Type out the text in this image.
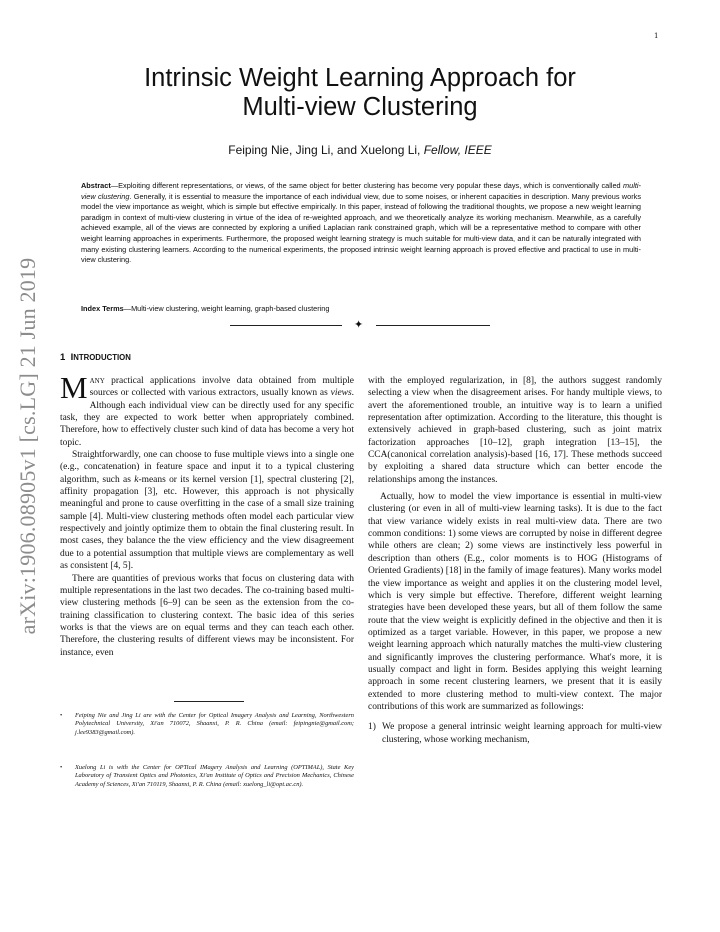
1
arXiv:1906.08905v1 [cs.LG] 21 Jun 2019
Intrinsic Weight Learning Approach for
Multi-view Clustering
Feiping Nie, Jing Li, and Xuelong Li, Fellow, IEEE
Abstract—Exploiting different representations, or views, of the same object for better clustering has become very popular these days, which is conventionally called multi-view clustering. Generally, it is essential to measure the importance of each individual view, due to some noises, or inherent capacities in description. Many previous works model the view importance as weight, which is simple but effective empirically. In this paper, instead of following the traditional thoughts, we propose a new weight learning paradigm in context of multi-view clustering in virtue of the idea of re-weighted approach, and we theoretically analyze its working mechanism. Meanwhile, as a carefully achieved example, all of the views are connected by exploring a unified Laplacian rank constrained graph, which will be a representative method to compare with other weight learning approaches in experiments. Furthermore, the proposed weight learning strategy is much suitable for multi-view data, and it can be naturally integrated with many existing clustering learners. According to the numerical experiments, the proposed intrinsic weight learning approach is proved effective and practical to use in multi-view clustering.
Index Terms—Multi-view clustering, weight learning, graph-based clustering
✦
1 INTRODUCTION

Many practical applications involve data obtained from multiple sources or collected with various extractors, usually known as views. Although each individual view can be directly used for any specific task, they are expected to work better when appropriately combined. Therefore, how to effectively cluster such kind of data has become a very hot topic.

Straightforwardly, one can choose to fuse multiple views into a single one (e.g., concatenation) in feature space and input it to a typical clustering algorithm, such as k-means or its kernel version [1], spectral clustering [2], affinity propagation [3], etc. However, this approach is not physically meaningful and prone to cause overfitting in the case of a small size training sample [4]. Multi-view clustering methods often model each particular view respectively and jointly optimize them to obtain the final clustering result. In most cases, they balance the the view efficiency and the view disagreement due to a potential assumption that multiple views are complementary as well as consistent [4, 5].

There are quantities of previous works that focus on clustering data with multiple representations in the last two decades. The co-training based multi-view clustering methods [6–9] can be seen as the extension from the co-training classification to clustering context. The basic idea of this series works is that the views are on equal terms and they can teach each other. Therefore, the clustering results of different views may be inconsistent. For instance, even

• Feiping Nie and Jing Li are with the Center for Optical Imagery Analysis and Learning, Northwestern Polytechnical University, Xi'an 710072, Shaanxi, P. R. China (email: feipingnie@gmail.com; j.lee9383@gmail.com).
• Xuelong Li is with the Center for OPTical IMagery Analysis and Learning (OPTIMAL), State Key Laboratory of Transient Optics and Photonics, Xi'an Institute of Optics and Precision Mechanics, Chinese Academy of Sciences, Xi'an 710119, Shaanxi, P. R. China (email: xuelong_li@opt.ac.cn).

with the employed regularization, in [8], the authors suggest randomly selecting a view when the disagreement arises. For handy multiple views, to avert the aforementioned trouble, an intuitive way is to learn a unified representation after optimization. According to the literature, this thought is extensively achieved in graph-based clustering, such as joint matrix factorization approaches [10–12], graph integration [13–15], the CCA(canonical correlation analysis)-based [16, 17]. These methods succeed by exploiting a shared data structure which can better encode the relationships among the instances.

Actually, how to model the view importance is essential in multi-view clustering (or even in all of multi-view learning tasks). It is due to the fact that view variance widely exists in real multi-view data. There are two common conditions: 1) some views are corrupted by noise in different degree while others are clean; 2) some views are instinctively less powerful in description than others (E.g., color moments is to HOG (Histograms of Oriented Gradients) [18] in the family of image features). Many works model the view importance as weight and applies it on the clustering model level, which is very simple but effective. Therefore, different weight learning strategies have been developed these years, but all of them follow the same route that the view weight is explicitly defined in the objective and then it is optimized as a target variable. However, in this paper, we propose a new weight learning approach which naturally matches the multi-view clustering and significantly improves the clustering performance. What's more, it is usually compact and light in form. Besides applying this weight learning approach in some recent clustering learners, we present that it is easily extended to more clustering method to multi-view context. The major contributions of this work are summarized as followings:

1) We propose a general intrinsic weight learning approach for multi-view clustering, whose working mechanism,
